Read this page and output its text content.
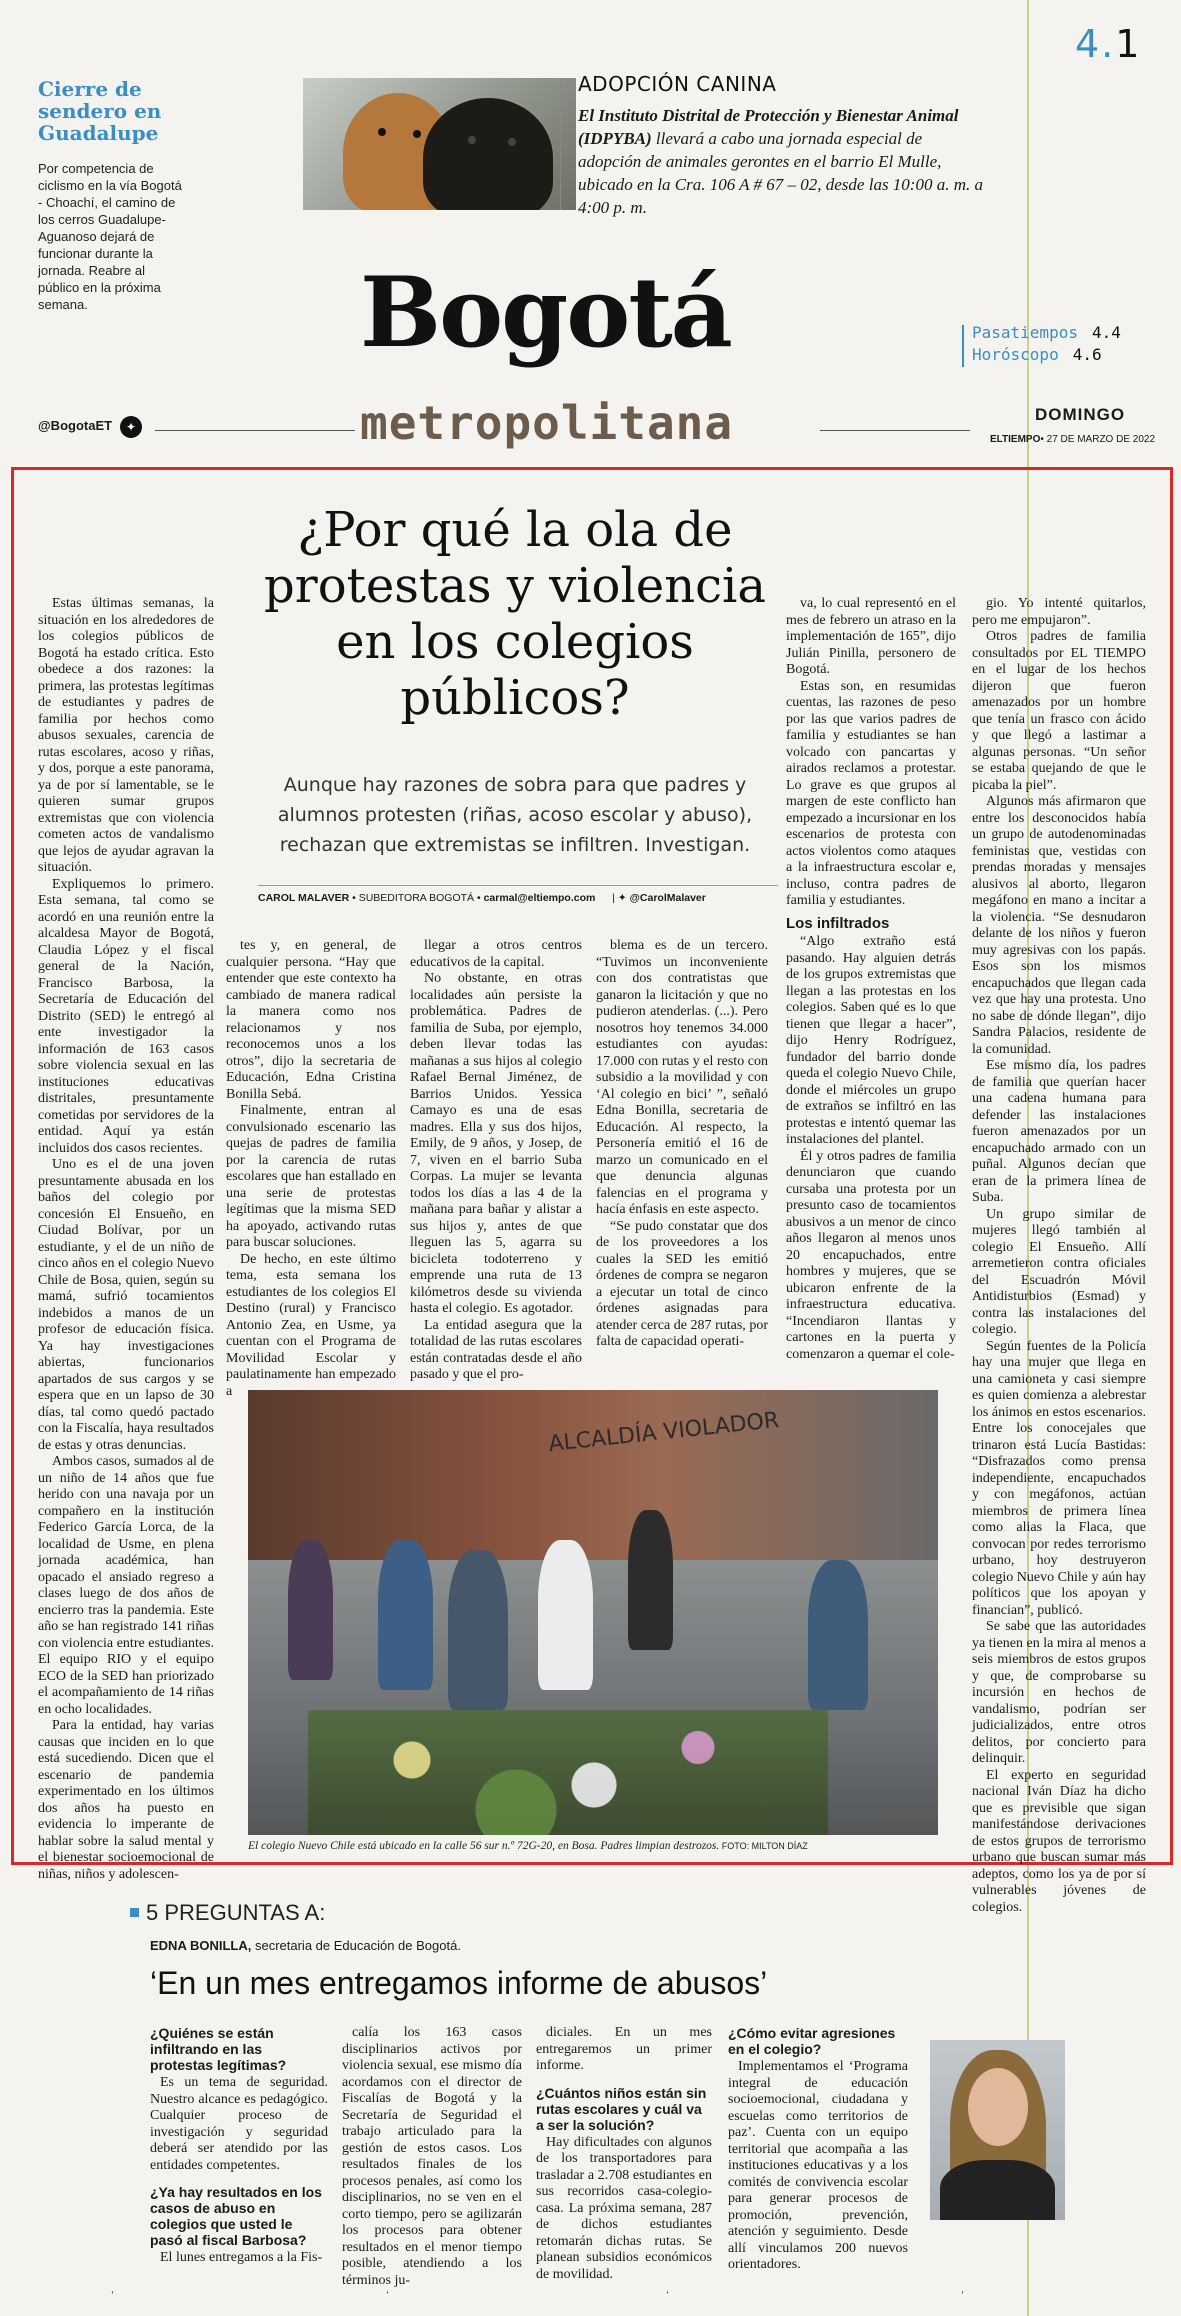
4.1
Cierre de sendero en Guadalupe
Por competencia de ciclismo en la vía Bogotá - Choachí, el camino de los cerros Guadalupe-Aguanoso dejará de funcionar durante la jornada. Reabre al público en la próxima semana.
ADOPCIÓN CANINA
El Instituto Distrital de Protección y Bienestar Animal (IDPYBA) llevará a cabo una jornada especial de adopción de animales gerontes en el barrio El Mulle, ubicado en la Cra. 106 A # 67 – 02, desde las 10:00 a. m. a 4:00 p. m.
Bogotá
metropolitana
@BogotaET	✦
Pasatiempos 4.4
Horóscopo 4.6
DOMINGO
ELTIEMPO• 27 DE MARZO DE 2022
¿Por qué la ola de protestas y violencia en los colegios públicos?
Aunque hay razones de sobra para que padres y alumnos protesten (riñas, acoso escolar y abuso), rechazan que extremistas se infiltren. Investigan.
CAROL MALAVER • SUBEDITORA BOGOTÁ • carmal@eltiempo.com | ✦ @CarolMalaver

Estas últimas semanas, la situación en los alrededores de los colegios públicos de Bogotá ha estado crítica. Esto obedece a dos razones: la primera, las protestas legítimas de estudiantes y padres de familia por hechos como abusos sexuales, carencia de rutas escolares, acoso y riñas, y dos, porque a este panorama, ya de por sí lamentable, se le quieren sumar grupos extremistas que con violencia cometen actos de vandalismo que lejos de ayudar agravan la situación.

Expliquemos lo primero. Esta semana, tal como se acordó en una reunión entre la alcaldesa Mayor de Bogotá, Claudia López y el fiscal general de la Nación, Francisco Barbosa, la Secretaría de Educación del Distrito (SED) le entregó al ente investigador la información de 163 casos sobre violencia sexual en las instituciones educativas distritales, presuntamente cometidas por servidores de la entidad. Aquí ya están incluidos dos casos recientes.

Uno es el de una joven presuntamente abusada en los baños del colegio por concesión El Ensueño, en Ciudad Bolívar, por un estudiante, y el de un niño de cinco años en el colegio Nuevo Chile de Bosa, quien, según su mamá, sufrió tocamientos indebidos a manos de un profesor de educación física. Ya hay investigaciones abiertas, funcionarios apartados de sus cargos y se espera que en un lapso de 30 días, tal como quedó pactado con la Fiscalía, haya resultados de estas y otras denuncias.

Ambos casos, sumados al de un niño de 14 años que fue herido con una navaja por un compañero en la institución Federico García Lorca, de la localidad de Usme, en plena jornada académica, han opacado el ansiado regreso a clases luego de dos años de encierro tras la pandemia. Este año se han registrado 141 riñas con violencia entre estudiantes. El equipo RIO y el equipo ECO de la SED han priorizado el acompañamiento de 14 riñas en ocho localidades.

Para la entidad, hay varias causas que inciden en lo que está sucediendo. Dicen que el escenario de pandemia experimentado en los últimos dos años ha puesto en evidencia lo imperante de hablar sobre la salud mental y el bienestar socioemocional de niñas, niños y adolescen-

tes y, en general, de cualquier persona. “Hay que entender que este contexto ha cambiado de manera radical la manera como nos relacionamos y nos reconocemos unos a los otros”, dijo la secretaria de Educación, Edna Cristina Bonilla Sebá.

Finalmente, entran al convulsionado escenario las quejas de padres de familia por la carencia de rutas escolares que han estallado en una serie de protestas legítimas que la misma SED ha apoyado, activando rutas para buscar soluciones.

De hecho, en este último tema, esta semana los estudiantes de los colegios El Destino (rural) y Francisco Antonio Zea, en Usme, ya cuentan con el Programa de Movilidad Escolar y paulatinamente han empezado a

llegar a otros centros educativos de la capital.

No obstante, en otras localidades aún persiste la problemática. Padres de familia de Suba, por ejemplo, deben llevar todas las mañanas a sus hijos al colegio Rafael Bernal Jiménez, de Barrios Unidos. Yessica Camayo es una de esas madres. Ella y sus dos hijos, Emily, de 9 años, y Josep, de 7, viven en el barrio Suba Corpas. La mujer se levanta todos los días a las 4 de la mañana para bañar y alistar a sus hijos y, antes de que lleguen las 5, agarra su bicicleta todoterreno y emprende una ruta de 13 kilómetros desde su vivienda hasta el colegio. Es agotador.

La entidad asegura que la totalidad de las rutas escolares están contratadas desde el año pasado y que el pro-

blema es de un tercero. “Tuvimos un inconveniente con dos contratistas que ganaron la licitación y que no pudieron atenderlas. (...). Pero nosotros hoy tenemos 34.000 estudiantes con ayudas: 17.000 con rutas y el resto con subsidio a la movilidad y con ‘Al colegio en bici’ ”, señaló Edna Bonilla, secretaria de Educación. Al respecto, la Personería emitió el 16 de marzo un comunicado en el que denuncia algunas falencias en el programa y hacía énfasis en este aspecto.

“Se pudo constatar que dos de los proveedores a los cuales la SED les emitió órdenes de compra se negaron a ejecutar un total de cinco órdenes asignadas para atender cerca de 287 rutas, por falta de capacidad operati-

va, lo cual representó en el mes de febrero un atraso en la implementación de 165”, dijo Julián Pinilla, personero de Bogotá.

Estas son, en resumidas cuentas, las razones de peso por las que varios padres de familia y estudiantes se han volcado con pancartas y airados reclamos a protestar. Lo grave es que grupos al margen de este conflicto han empezado a incursionar en los escenarios de protesta con actos violentos como ataques a la infraestructura escolar e, incluso, contra padres de familia y estudiantes.

Los infiltrados

“Algo extraño está pasando. Hay alguien detrás de los grupos extremistas que llegan a las protestas en los colegios. Saben qué es lo que tienen que llegar a hacer”, dijo Henry Rodríguez, fundador del barrio donde queda el colegio Nuevo Chile, donde el miércoles un grupo de extraños se infiltró en las protestas e intentó quemar las instalaciones del plantel.

Él y otros padres de familia denunciaron que cuando cursaba una protesta por un presunto caso de tocamientos abusivos a un menor de cinco años llegaron al menos unos 20 encapuchados, entre hombres y mujeres, que se ubicaron enfrente de la infraestructura educativa. “Incendiaron llantas y cartones en la puerta y comenzaron a quemar el cole-

gio. Yo intenté quitarlos, pero me empujaron”.

Otros padres de familia consultados por EL TIEMPO en el lugar de los hechos dijeron que fueron amenazados por un hombre que tenía un frasco con ácido y que llegó a lastimar a algunas personas. “Un señor se estaba quejando de que le picaba la piel”.

Algunos más afirmaron que entre los desconocidos había un grupo de autodenominadas feministas que, vestidas con prendas moradas y mensajes alusivos al aborto, llegaron megáfono en mano a incitar a la violencia. “Se desnudaron delante de los niños y fueron muy agresivas con los papás. Esos son los mismos encapuchados que llegan cada vez que hay una protesta. Uno no sabe de dónde llegan”, dijo Sandra Palacios, residente de la comunidad.

Ese mismo día, los padres de familia que querían hacer una cadena humana para defender las instalaciones fueron amenazados por un encapuchado armado con un puñal. Algunos decían que eran de la primera línea de Suba.

Un grupo similar de mujeres llegó también al colegio El Ensueño. Allí arremetieron contra oficiales del Escuadrón Móvil Antidisturbios (Esmad) y contra las instalaciones del colegio.

Según fuentes de la Policía hay una mujer que llega en una camioneta y casi siempre es quien comienza a alebrestar los ánimos en estos escenarios. Entre los conocejales que trinaron está Lucía Bastidas: “Disfrazados como prensa independiente, encapuchados y con megáfonos, actúan miembros de primera línea como alias la Flaca, que convocan por redes terrorismo urbano, hoy destruyeron colegio Nuevo Chile y aún hay políticos que los apoyan y financian”, publicó.

Se sabe que las autoridades ya tienen en la mira al menos a seis miembros de estos grupos y que, de comprobarse su incursión en hechos de vandalismo, podrían ser judicializados, entre otros delitos, por concierto para delinquir.

El experto en seguridad nacional Iván Díaz ha dicho que es previsible que sigan manifestándose derivaciones de estos grupos de terrorismo urbano que buscan sumar más adeptos, como los ya de por sí vulnerables jóvenes de colegios.

ALCALDÍA VIOLADOR
El colegio Nuevo Chile está ubicado en la calle 56 sur n.º 72G-20, en Bosa. Padres limpian destrozos. FOTO: MILTON DÍAZ
5 PREGUNTAS A:
EDNA BONILLA, secretaria de Educación de Bogotá.
‘En un mes entregamos informe de abusos’
¿Quiénes se están infiltrando en las protestas legítimas?

Es un tema de seguridad. Nuestro alcance es pedagógico. Cualquier proceso de investigación y seguridad deberá ser atendido por las entidades competentes.

¿Ya hay resultados en los casos de abuso en colegios que usted le pasó al fiscal Barbosa?

El lunes entregamos a la Fis-

calía los 163 casos disciplinarios activos por violencia sexual, ese mismo día acordamos con el director de Fiscalías de Bogotá y la Secretaría de Seguridad el trabajo articulado para la gestión de estos casos. Los resultados finales de los procesos penales, así como los disciplinarios, no se ven en el corto tiempo, pero se agilizarán los procesos para obtener resultados en el menor tiempo posible, atendiendo a los términos ju-

diciales. En un mes entregaremos un primer informe.

¿Cuántos niños están sin rutas escolares y cuál va a ser la solución?

Hay dificultades con algunos de los transportadores para trasladar a 2.708 estudiantes en sus recorridos casa-colegio-casa. La próxima semana, 287 de dichos estudiantes retomarán dichas rutas. Se planean subsidios económicos de movilidad.

¿Cómo evitar agresiones en el colegio?

Implementamos el ‘Programa integral de educación socioemocional, ciudadana y escuelas como territorios de paz’. Cuenta con un equipo territorial que acompaña a las instituciones educativas y a los comités de convivencia escolar para generar procesos de promoción, prevención, atención y seguimiento. Desde allí vinculamos 200 nuevos orientadores.

ˈ	ˈ	ˈ	ˈ
